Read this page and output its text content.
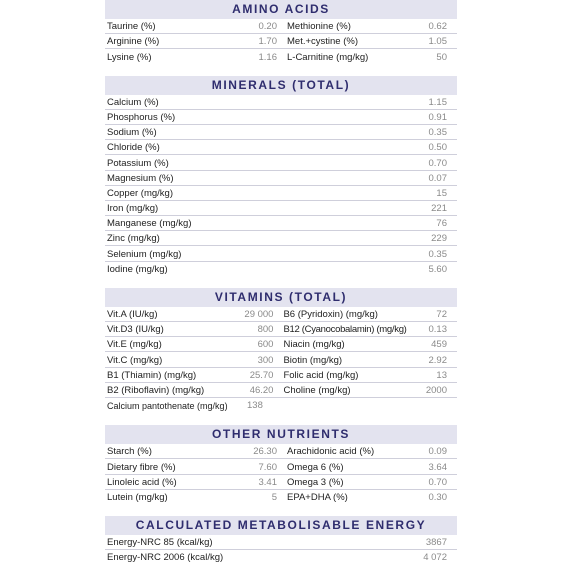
AMINO ACIDS
Taurine (%)	0.20	Methionine (%)	0.62
Arginine (%)	1.70	Met.+cystine (%)	1.05
Lysine (%)	1.16	L-Carnitine (mg/kg)	50
MINERALS (TOTAL)
Calcium (%)	1.15
Phosphorus (%)	0.91
Sodium (%)	0.35
Chloride (%)	0.50
Potassium (%)	0.70
Magnesium (%)	0.07
Copper (mg/kg)	15
Iron (mg/kg)	221
Manganese (mg/kg)	76
Zinc (mg/kg)	229
Selenium (mg/kg)	0.35
Iodine (mg/kg)	5.60
VITAMINS (TOTAL)
Vit.A (IU/kg)	29 000	B6 (Pyridoxin) (mg/kg)	72
Vit.D3 (IU/kg)	800	B12 (Cyanocobalamin) (mg/kg)	0.13
Vit.E (mg/kg)	600	Niacin (mg/kg)	459
Vit.C (mg/kg)	300	Biotin (mg/kg)	2.92
B1 (Thiamin) (mg/kg)	25.70	Folic acid (mg/kg)	13
B2 (Riboflavin) (mg/kg)	46.20	Choline (mg/kg)	2000
Calcium pantothenate (mg/kg)	138
OTHER NUTRIENTS
Starch (%)	26.30	Arachidonic acid (%)	0.09
Dietary fibre (%)	7.60	Omega 6 (%)	3.64
Linoleic acid (%)	3.41	Omega 3 (%)	0.70
Lutein (mg/kg)	5	EPA+DHA (%)	0.30
CALCULATED METABOLISABLE ENERGY
Energy-NRC 85 (kcal/kg)	3867
Energy-NRC 2006 (kcal/kg)	4 072
